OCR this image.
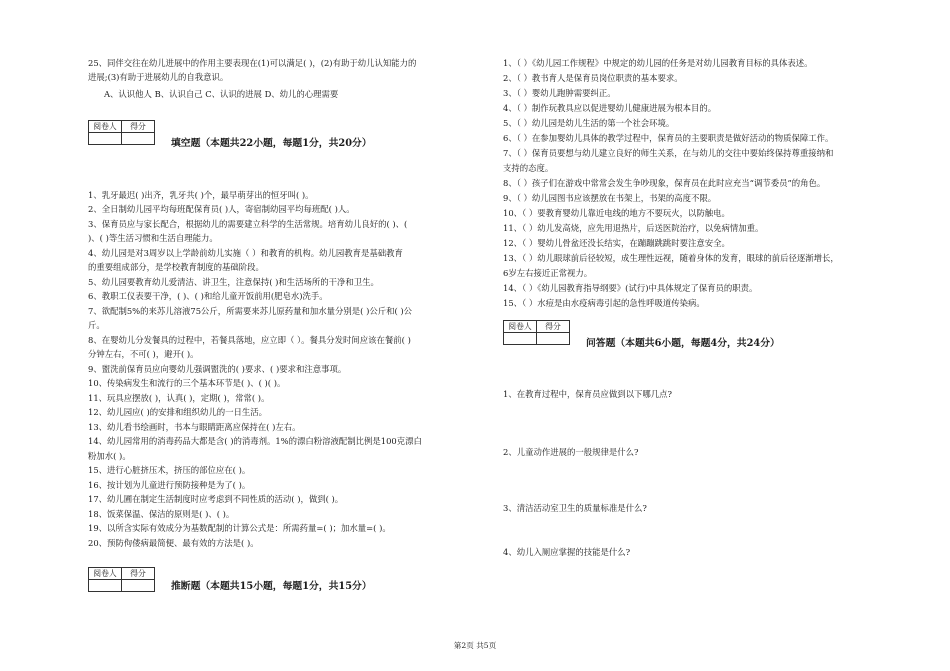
25、同伴交往在幼儿进展中的作用主要表现在(1)可以满足( )，(2)有助于幼儿认知能力的
进展;(3)有助于进展幼儿的自我意识。
A、认识他人 B、认识自己 C、认识的进展 D、幼儿的心理需要
阅卷人	得分

填空题（本题共22小题，每题1分，共20分）
1、乳牙最迟( )出齐，乳牙共( )个，最早萌芽出的恒牙叫( )。
2、全日制幼儿园平均每班配保育员( )人，寄宿制幼园平均每班配( )人。
3、保育员应与家长配合，根据幼儿的需要建立科学的生活常规。培育幼儿良好的( )、(
)、( )等生活习惯和生活自理能力。
4、幼儿园是对3周岁以上学龄前幼儿实施（ ）和教育的机构。幼儿园教育是基础教育
的重要组成部分，是学校教育制度的基础阶段。
5、幼儿园要教育幼儿爱清洁、讲卫生，注意保持( )和生活场所的干净和卫生。
6、教职工仪表要干净，( )、( )和给儿童开饭前用(肥皂水)洗手。
7、欲配制5%的来苏儿溶液75公斤，所需要来苏儿原药量和加水量分别是( )公斤和( )公
斤。
8、在婴幼儿分发餐具的过程中，若餐具落地，应立即（ ）。餐具分发时间应该在餐前( )
分钟左右，不可( )，避开( )。
9、盥洗前保育员应向婴幼儿强调盥洗的( )要求、( )要求和注意事项。
10、传染病发生和流行的三个基本环节是( )、( )( )。
11、玩具应摆放( )，认真( )，定期( )，常常( )。
12、幼儿园应( )的安排和组织幼儿的一日生活。
13、幼儿看书绘画时，书本与眼睛距离应保持在( )左右。
14、幼儿园常用的消毒药品大都是含( )的消毒剂。1%的漂白粉溶液配制比例是100克漂白
粉加水( )。
15、进行心脏挤压术，挤压的部位应在( )。
16、按计划为儿童进行预防接种是为了( )。
17、幼儿圃在制定生活制度时应考虑到不同性质的活动( )，做到( )。
18、饭菜保温、保洁的原则是( )、( )。
19、以所含实际有效成分为基数配制的计算公式是：所需药量=( )；加水量=( )。
20、预防佝偻病最简便、最有效的方法是( )。
阅卷人	得分

推断题（本题共15小题，每题1分，共15分）
1、（ ）《幼儿园工作规程》中规定的幼儿园的任务是对幼儿园教育目标的具体表述。
2、（ ）教书育人是保育员岗位职责的基本要求。
3、（ ）婴幼儿跑肿需要纠正。
4、（ ）制作玩教具应以促进婴幼儿健康进展为根本目的。
5、（ ）幼儿园是幼儿生活的第一个社会环境。
6、（ ）在参加婴幼儿具体的教学过程中，保育员的主要职责是做好活动的物质保障工作。
7、（ ）保育员要想与幼儿建立良好的师生关系，在与幼儿的交往中要始终保持尊重接纳和
支持的态度。
8、（ ）孩子们在游戏中常常会发生争吵现象，保育员在此时应充当“调节委员”的角色。
9、（ ）幼儿园图书应该摆放在书架上，书架的高度不限。
10、（ ）要教育婴幼儿靠近电线的地方不要玩火，以防触电。
11、（ ）幼儿发高烧，应先用退热片，后送医院治疗，以免病情加重。
12、（ ）婴幼儿骨盆还没长结实，在蹦蹦跳跳时要注意安全。
13、（ ）幼儿眼球前后径较短，成生理性远视，随着身体的发育，眼球的前后径逐渐增长，
6岁左右接近正常视力。
14、（ ）《幼儿园教育指导纲要》(试行)中具体规定了保育员的职责。
15、（ ）水痘是由水疫病毒引起的急性呼吸道传染病。
阅卷人	得分

问答题（本题共6小题，每题4分，共24分）
1、在教育过程中，保育员应做到以下哪几点?
2、儿童动作进展的一般规律是什么?
3、清洁活动室卫生的质量标准是什么?
4、幼儿入厕应掌握的技能是什么?
第2页 共5页
